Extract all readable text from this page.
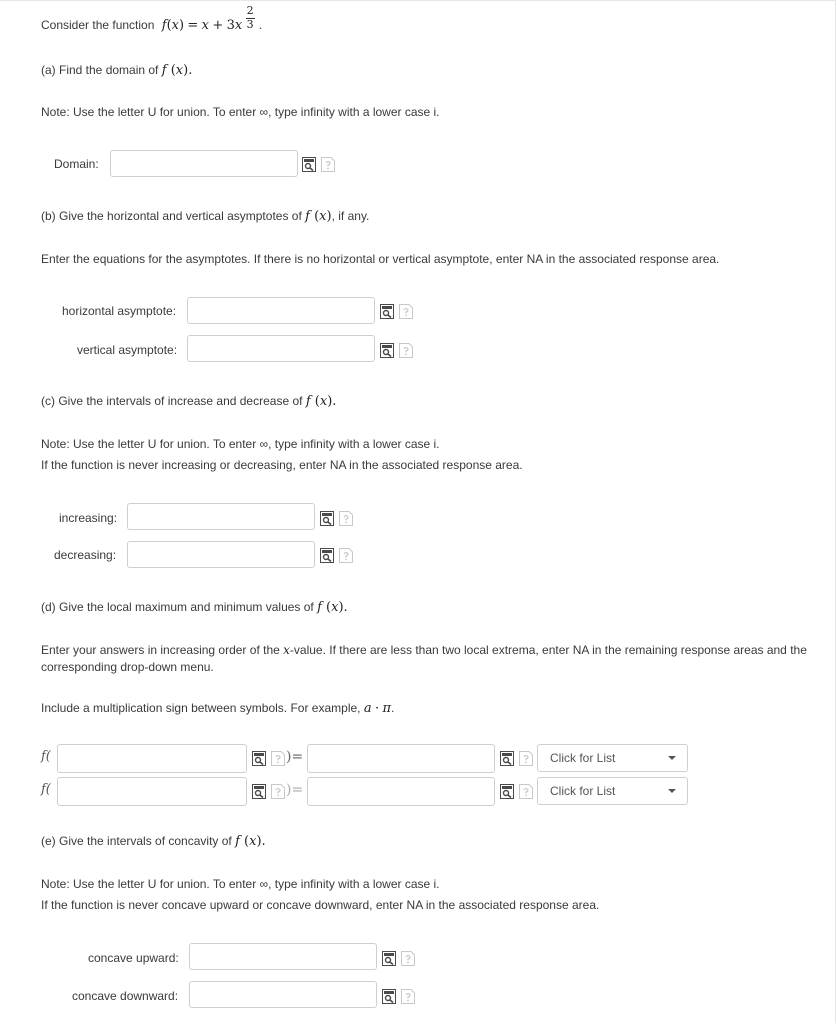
Consider the function $f(x) = x + 3x \frac{2}{3}$ .
(a) Find the domain of f (x).
Note: Use the letter U for union. To enter ∞, type infinity with a lower case i.
Domain:
(b) Give the horizontal and vertical asymptotes of f (x), if any.
Enter the equations for the asymptotes. If there is no horizontal or vertical asymptote, enter NA in the associated response area.
horizontal asymptote:
vertical asymptote:
(c) Give the intervals of increase and decrease of f (x).
Note: Use the letter U for union. To enter ∞, type infinity with a lower case i.
If the function is never increasing or decreasing, enter NA in the associated response area.
increasing:
decreasing:
(d) Give the local maximum and minimum values of f (x).
Enter your answers in increasing order of the x-value. If there are less than two local extrema, enter NA in the remaining response areas and the corresponding drop-down menu.
Include a multiplication sign between symbols. For example, a · π.
f(	)=	Click for List
f(	)=	Click for List
(e) Give the intervals of concavity of f (x).
Note: Use the letter U for union. To enter ∞, type infinity with a lower case i.
If the function is never concave upward or concave downward, enter NA in the associated response area.
concave upward:
concave downward:
